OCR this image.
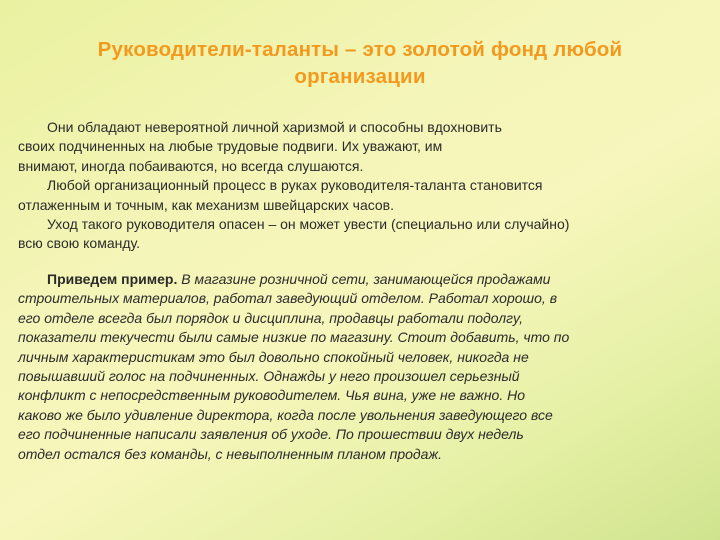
Руководители-таланты – это золотой фонд любой
организации

Они обладают невероятной личной харизмой и способны вдохновить
своих подчиненных на любые трудовые подвиги. Их уважают, им
внимают, иногда побаиваются, но всегда слушаются.
Любой организационный процесс в руках руководителя-таланта становится
отлаженным и точным, как механизм швейцарских часов.
Уход такого руководителя опасен – он может увести (специально или случайно)
всю свою команду.

Приведем пример. В магазине розничной сети, занимающейся продажами
строительных материалов, работал заведующий отделом. Работал хорошо, в
его отделе всегда был порядок и дисциплина, продавцы работали подолгу,
показатели текучести были самые низкие по магазину. Стоит добавить, что по
личным характеристикам это был довольно спокойный человек, никогда не
повышавший голос на подчиненных. Однажды у него произошел серьезный
конфликт с непосредственным руководителем. Чья вина, уже не важно. Но
каково же было удивление директора, когда после увольнения заведующего все
его подчиненные написали заявления об уходе. По прошествии двух недель
отдел остался без команды, с невыполненным планом продаж.
